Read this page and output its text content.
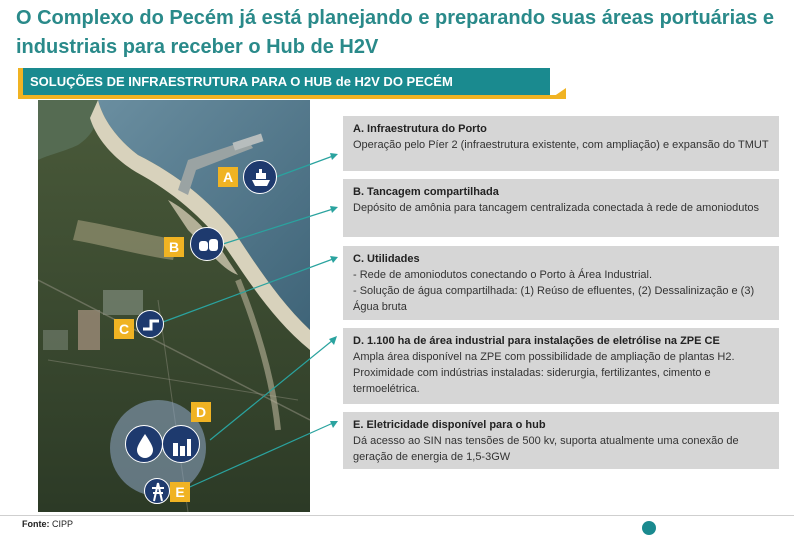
O Complexo do Pecém já está planejando e preparando suas áreas portuárias e industriais para receber o Hub de H2V
SOLUÇÕES DE INFRAESTRUTURA PARA O HUB de H2V DO PECÉM
A
B
C
D
E
A. Infraestrutura do Porto
Operação pelo Píer 2 (infraestrutura existente, com ampliação) e expansão do TMUT
B. Tancagem compartilhada
Depósito de amônia para tancagem centralizada conectada à rede de amoniodutos
C. Utilidades
- Rede de amoniodutos conectando o Porto à Área Industrial.
- Solução de água compartilhada: (1) Reúso de efluentes, (2) Dessalinização e (3) Água bruta
D. 1.100 ha de área industrial para instalações de eletrólise na ZPE CE
Ampla área disponível na ZPE com possibilidade de ampliação de plantas H2.
Proximidade com indústrias instaladas: siderurgia, fertilizantes, cimento e termoelétrica.
E. Eletricidade disponível para o hub
Dá acesso ao SIN nas tensões de 500 kv, suporta atualmente uma conexão de geração de energia de 1,5-3GW
Fonte: CIPP
